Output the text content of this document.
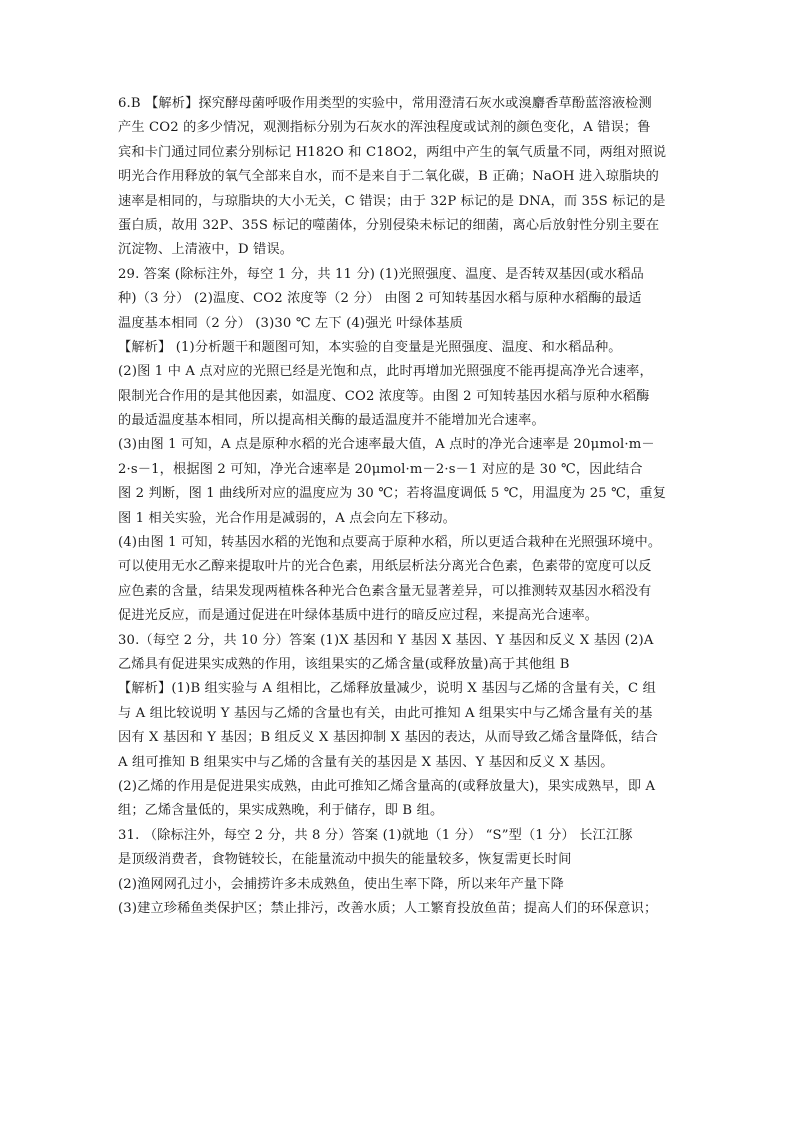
6.B 【解析】探究酵母菌呼吸作用类型的实验中，常用澄清石灰水或溴麝香草酚蓝溶液检测
产生 CO2 的多少情况，观测指标分别为石灰水的浑浊程度或试剂的颜色变化，A 错误；鲁
宾和卡门通过同位素分别标记 H182O 和 C18O2，两组中产生的氧气质量不同，两组对照说
明光合作用释放的氧气全部来自水，而不是来自于二氧化碳，B 正确；NaOH 进入琼脂块的
速率是相同的，与琼脂块的大小无关，C 错误；由于 32P 标记的是 DNA，而 35S 标记的是
蛋白质，故用 32P、35S 标记的噬菌体，分别侵染未标记的细菌，离心后放射性分别主要在
沉淀物、上清液中，D 错误。
29. 答案 (除标注外，每空 1 分，共 11 分) (1)光照强度、温度、是否转双基因(或水稻品
种)（3 分） (2)温度、CO2 浓度等（2 分） 由图 2 可知转基因水稻与原种水稻酶的最适
温度基本相同（2 分） (3)30 ℃ 左下 (4)强光 叶绿体基质
【解析】 (1)分析题干和题图可知，本实验的自变量是光照强度、温度、和水稻品种。
(2)图 1 中 A 点对应的光照已经是光饱和点，此时再增加光照强度不能再提高净光合速率，
限制光合作用的是其他因素，如温度、CO2 浓度等。由图 2 可知转基因水稻与原种水稻酶
的最适温度基本相同，所以提高相关酶的最适温度并不能增加光合速率。
(3)由图 1 可知，A 点是原种水稻的光合速率最大值，A 点时的净光合速率是 20μmol·m－
2·s－1，根据图 2 可知，净光合速率是 20μmol·m－2·s－1 对应的是 30 ℃，因此结合
图 2 判断，图 1 曲线所对应的温度应为 30 ℃；若将温度调低 5 ℃，用温度为 25 ℃，重复
图 1 相关实验，光合作用是减弱的，A 点会向左下移动。
(4)由图 1 可知，转基因水稻的光饱和点要高于原种水稻，所以更适合栽种在光照强环境中。
可以使用无水乙醇来提取叶片的光合色素，用纸层析法分离光合色素，色素带的宽度可以反
应色素的含量，结果发现两植株各种光合色素含量无显著差异，可以推测转双基因水稻没有
促进光反应，而是通过促进在叶绿体基质中进行的暗反应过程，来提高光合速率。
30.（每空 2 分，共 10 分）答案 (1)X 基因和 Y 基因 X 基因、Y 基因和反义 X 基因 (2)A
乙烯具有促进果实成熟的作用，该组果实的乙烯含量(或释放量)高于其他组 B
【解析】(1)B 组实验与 A 组相比，乙烯释放量减少，说明 X 基因与乙烯的含量有关，C 组
与 A 组比较说明 Y 基因与乙烯的含量也有关，由此可推知 A 组果实中与乙烯含量有关的基
因有 X 基因和 Y 基因；B 组反义 X 基因抑制 X 基因的表达，从而导致乙烯含量降低，结合
A 组可推知 B 组果实中与乙烯的含量有关的基因是 X 基因、Y 基因和反义 X 基因。
(2)乙烯的作用是促进果实成熟，由此可推知乙烯含量高的(或释放量大)，果实成熟早，即 A
组；乙烯含量低的，果实成熟晚，利于储存，即 B 组。
31. （除标注外，每空 2 分，共 8 分）答案 (1)就地（1 分） “S”型（1 分） 长江江豚
是顶级消费者，食物链较长，在能量流动中损失的能量较多，恢复需更长时间
(2)渔网网孔过小，会捕捞许多未成熟鱼，使出生率下降，所以来年产量下降
(3)建立珍稀鱼类保护区；禁止排污，改善水质；人工繁育投放鱼苗；提高人们的环保意识；
